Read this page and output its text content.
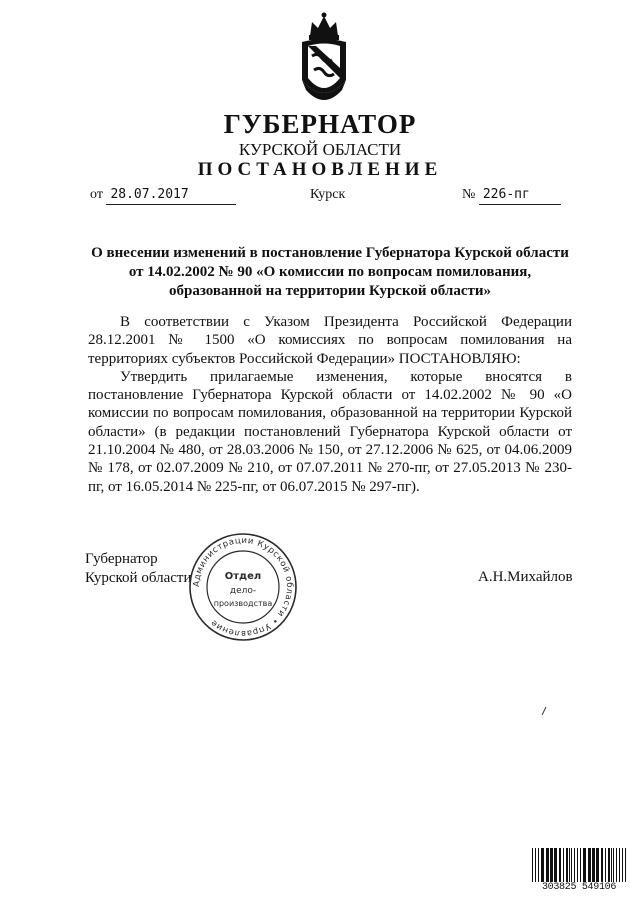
ГУБЕРНАТОР
КУРСКОЙ ОБЛАСТИ
ПОСТАНОВЛЕНИЕ
от 28.07.2017	Курск	№ 226-пг
О внесении изменений в постановление Губернатора Курской области
от 14.02.2002 № 90 «О комиссии по вопросам помилования,
образованной на территории Курской области»

В соответствии с Указом Президента Российской Федерации 28.12.2001 № 1500 «О комиссиях по вопросам помилования на территориях субъектов Российской Федерации» ПОСТАНОВЛЯЮ:

Утвердить прилагаемые изменения, которые вносятся в постановление Губернатора Курской области от 14.02.2002 № 90 «О комиссии по вопросам помилования, образованной на территории Курской области» (в редакции постановлений Губернатора Курской области от 21.10.2004 № 480, от 28.03.2006 № 150, от 27.12.2006 № 625, от 04.06.2009 № 178, от 02.07.2009 № 210, от 07.07.2011 № 270-пг, от 27.05.2013 № 230-пг, от 16.05.2014 № 225-пг, от 06.07.2015 № 297-пг).

Губернатор
Курской области	А.Н.Михайлов
Администрации Курской области • Управление
Отдел
дело-
производства
303825 549106
